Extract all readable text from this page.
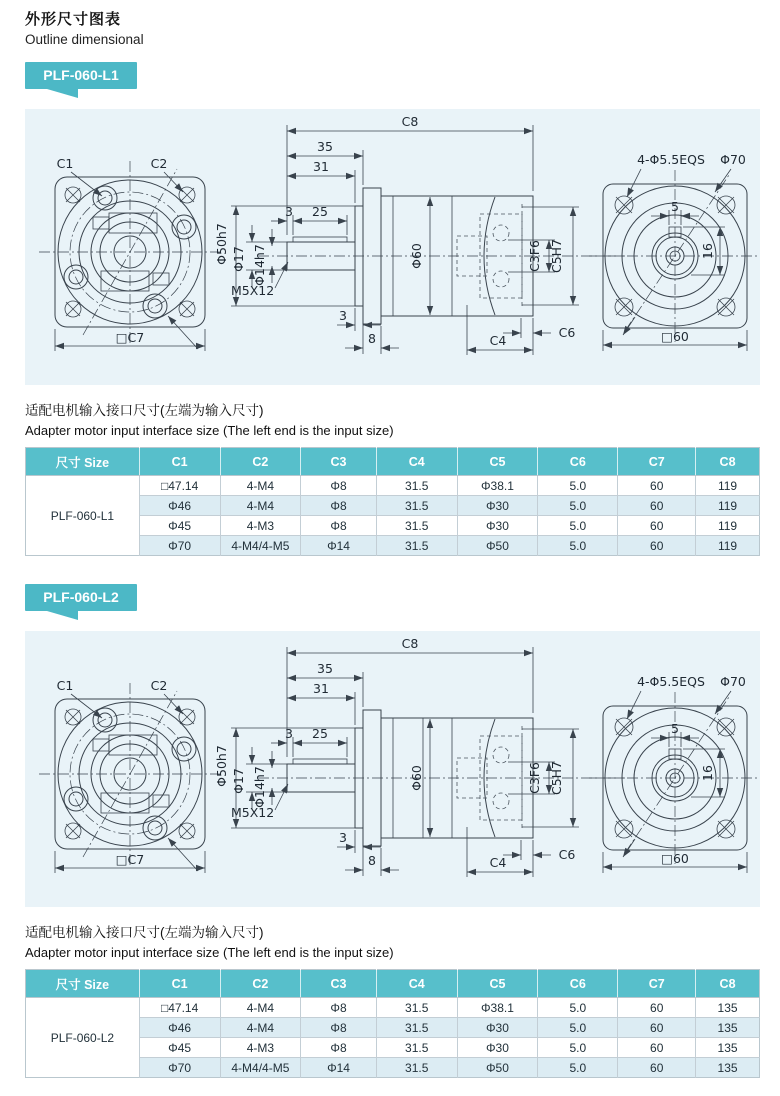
外形尺寸图表
Outline dimensional
PLF-060-L1
C1	C2
□C7
C8
35
31
3 25
Φ50h7 Φ17 Φ14h7
M5X12
Φ60	C3F6 C5H7
C6
C4
3
8
4-Φ5.5EQS Φ70
5
16
□60

适配电机输入接口尺寸(左端为输入尺寸)

Adapter motor input interface size (The left end is the input size)

尺寸 Size	C1	C2	C3	C4	C5	C6	C7	C8
PLF-060-L1	□47.14	4-M4	Φ8	31.5	Φ38.1	5.0	60	119
	Φ46	4-M4	Φ8	31.5	Φ30	5.0	60	119
	Φ45	4-M3	Φ8	31.5	Φ30	5.0	60	119
	Φ70	4-M4/4-M5	Φ14	31.5	Φ50	5.0	60	119
PLF-060-L2
C1	C2
□C7
C8
35
31
3 25
Φ50h7 Φ17 Φ14h7
M5X12
Φ60	C3F6 C5H7
C6
C4
3
8
4-Φ5.5EQS Φ70
5
16
□60

适配电机输入接口尺寸(左端为输入尺寸)

Adapter motor input interface size (The left end is the input size)

尺寸 Size	C1	C2	C3	C4	C5	C6	C7	C8
PLF-060-L2	□47.14	4-M4	Φ8	31.5	Φ38.1	5.0	60	135
	Φ46	4-M4	Φ8	31.5	Φ30	5.0	60	135
	Φ45	4-M3	Φ8	31.5	Φ30	5.0	60	135
	Φ70	4-M4/4-M5	Φ14	31.5	Φ50	5.0	60	135
